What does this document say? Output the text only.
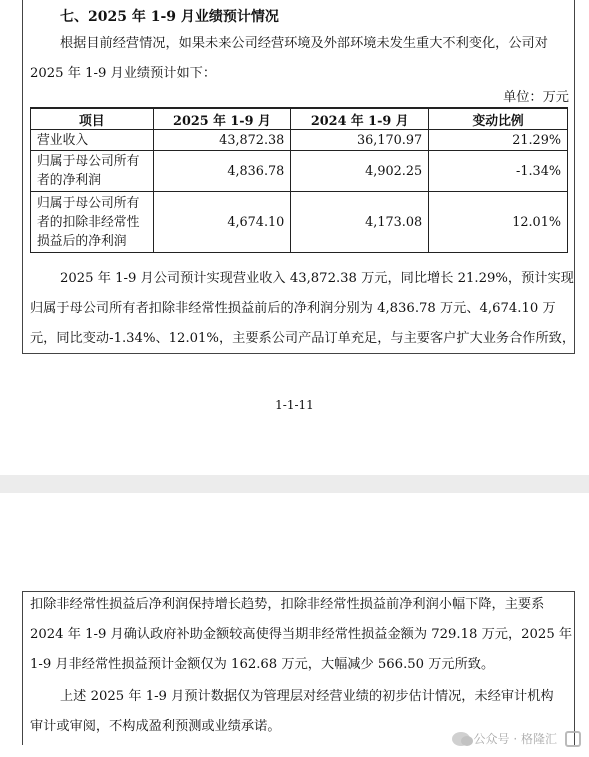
七、2025 年 1-9 月业绩预计情况
根据目前经营情况，如果未来公司经营环境及外部环境未发生重大不利变化，公司对
2025 年 1-9 月业绩预计如下：
单位：万元
项目	2025 年 1-9 月	2024 年 1-9 月	变动比例

营业收入	43,872.38	36,170.97	21.29%

归属于母公司所有
者的净利润	4,836.78	4,902.25	-1.34%

归属于母公司所有
者的扣除非经常性
损益后的净利润	4,674.10	4,173.08	12.01%
2025 年 1-9 月公司预计实现营业收入 43,872.38 万元，同比增长 21.29%，预计实现
归属于母公司所有者扣除非经常性损益前后的净利润分别为 4,836.78 万元、4,674.10 万
元，同比变动-1.34%、12.01%，主要系公司产品订单充足，与主要客户扩大业务合作所致，
1-1-11
扣除非经常性损益后净利润保持增长趋势，扣除非经常性损益前净利润小幅下降，主要系
2024 年 1-9 月确认政府补助金额较高使得当期非经常性损益金额为 729.18 万元，2025 年
1-9 月非经常性损益预计金额仅为 162.68 万元，大幅减少 566.50 万元所致。
上述 2025 年 1-9 月预计数据仅为管理层对经营业绩的初步估计情况，未经审计机构
审计或审阅，不构成盈利预测或业绩承诺。
公众号 · 格隆汇
